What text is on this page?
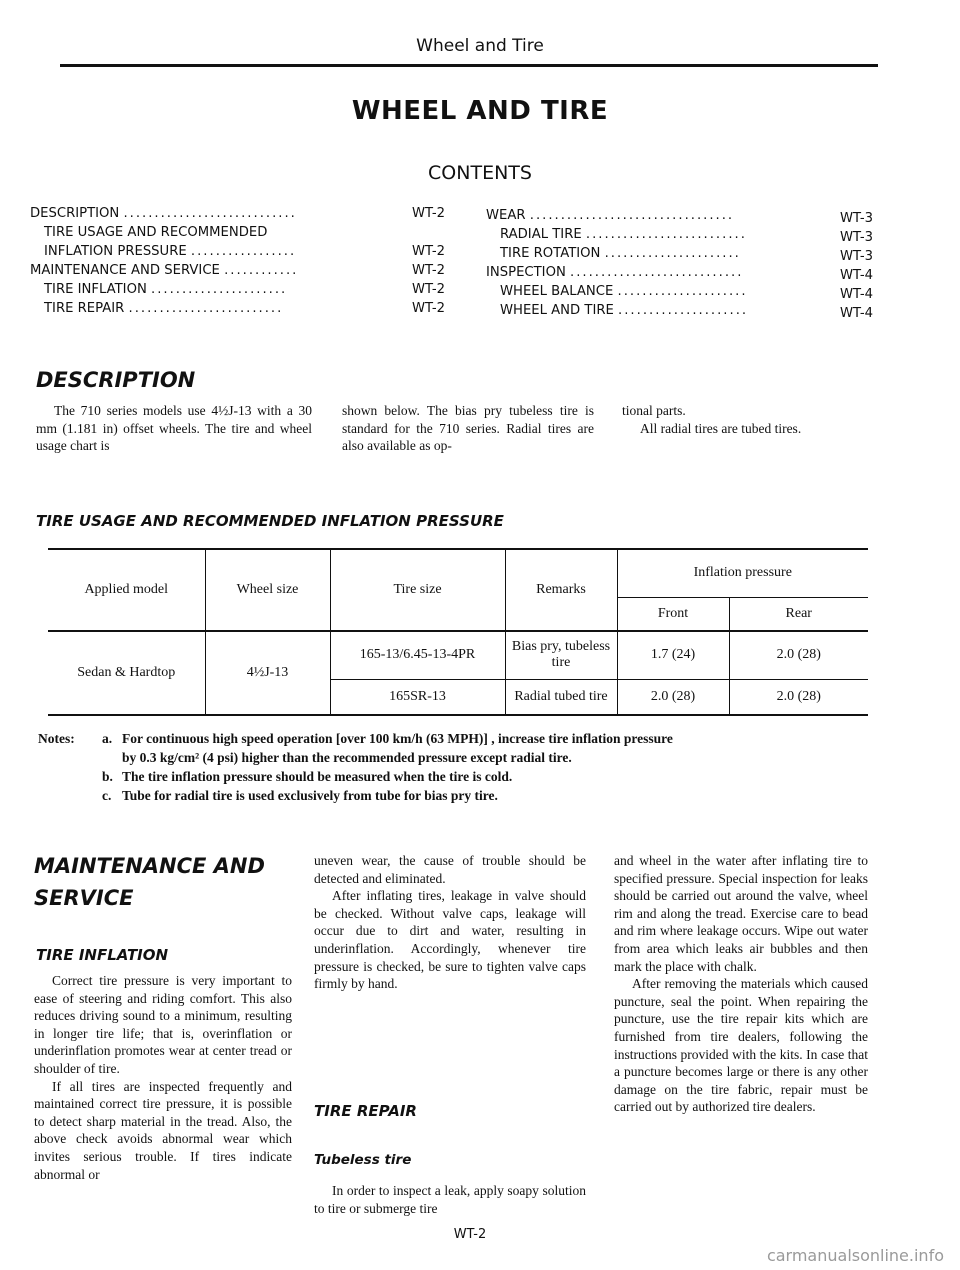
Wheel and Tire
WHEEL AND TIRE
CONTENTS
DESCRIPTION ............................	WT-2
TIRE USAGE AND RECOMMENDED
INFLATION PRESSURE .................	WT-2
MAINTENANCE AND SERVICE ............	WT-2
TIRE INFLATION ......................	WT-2
TIRE REPAIR .........................	WT-2
WEAR .................................	WT-3
RADIAL TIRE ..........................	WT-3
TIRE ROTATION ......................	WT-3
INSPECTION ............................	WT-4
WHEEL BALANCE .....................	WT-4
WHEEL AND TIRE .....................	WT-4
DESCRIPTION

The 710 series models use 4½J-13 with a 30 mm (1.181 in) offset wheels. The tire and wheel usage chart is

shown below. The bias pry tubeless tire is standard for the 710 series. Radial tires are also available as op-

tional parts.

All radial tires are tubed tires.

TIRE USAGE AND RECOMMENDED INFLATION PRESSURE
Applied model	Wheel size	Tire size	Remarks	Inflation pressure	
				Front	Rear
Sedan & Hardtop	4½J-13	165-13/6.45-13-4PR	Bias pry, tubeless tire	1.7 (24)	2.0 (28)
		165SR-13	Radial tubed tire	2.0 (28)	2.0 (28)
Notes: a. For continuous high speed operation [over 100 km/h (63 MPH)] , increase tire inflation pressure
by 0.3 kg/cm² (4 psi) higher than the recommended pressure except radial tire.
b. The tire inflation pressure should be measured when the tire is cold.
c. Tube for radial tire is used exclusively from tube for bias pry tire.
MAINTENANCE AND
SERVICE
TIRE INFLATION

Correct tire pressure is very important to ease of steering and riding comfort. This also reduces driving sound to a minimum, resulting in longer tire life; that is, overinflation or underinflation promotes wear at center tread or shoulder of tire.

If all tires are inspected frequently and maintained correct tire pressure, it is possible to detect sharp material in the tread. Also, the above check avoids abnormal wear which invites serious trouble. If tires indicate abnormal or

uneven wear, the cause of trouble should be detected and eliminated.

After inflating tires, leakage in valve should be checked. Without valve caps, leakage will occur due to dirt and water, resulting in underinflation. Accordingly, whenever tire pressure is checked, be sure to tighten valve caps firmly by hand.

TIRE REPAIR
Tubeless tire

In order to inspect a leak, apply soapy solution to tire or submerge tire

and wheel in the water after inflating tire to specified pressure. Special inspection for leaks should be carried out around the valve, wheel rim and along the tread. Exercise care to bead and rim where leakage occurs. Wipe out water from area which leaks air bubbles and then mark the place with chalk.

After removing the materials which caused puncture, seal the point. When repairing the puncture, use the tire repair kits which are furnished from tire dealers, following the instructions provided with the kits. In case that a puncture becomes large or there is any other damage on the tire fabric, repair must be carried out by authorized tire dealers.

WT-2
carmanualsonline.info
